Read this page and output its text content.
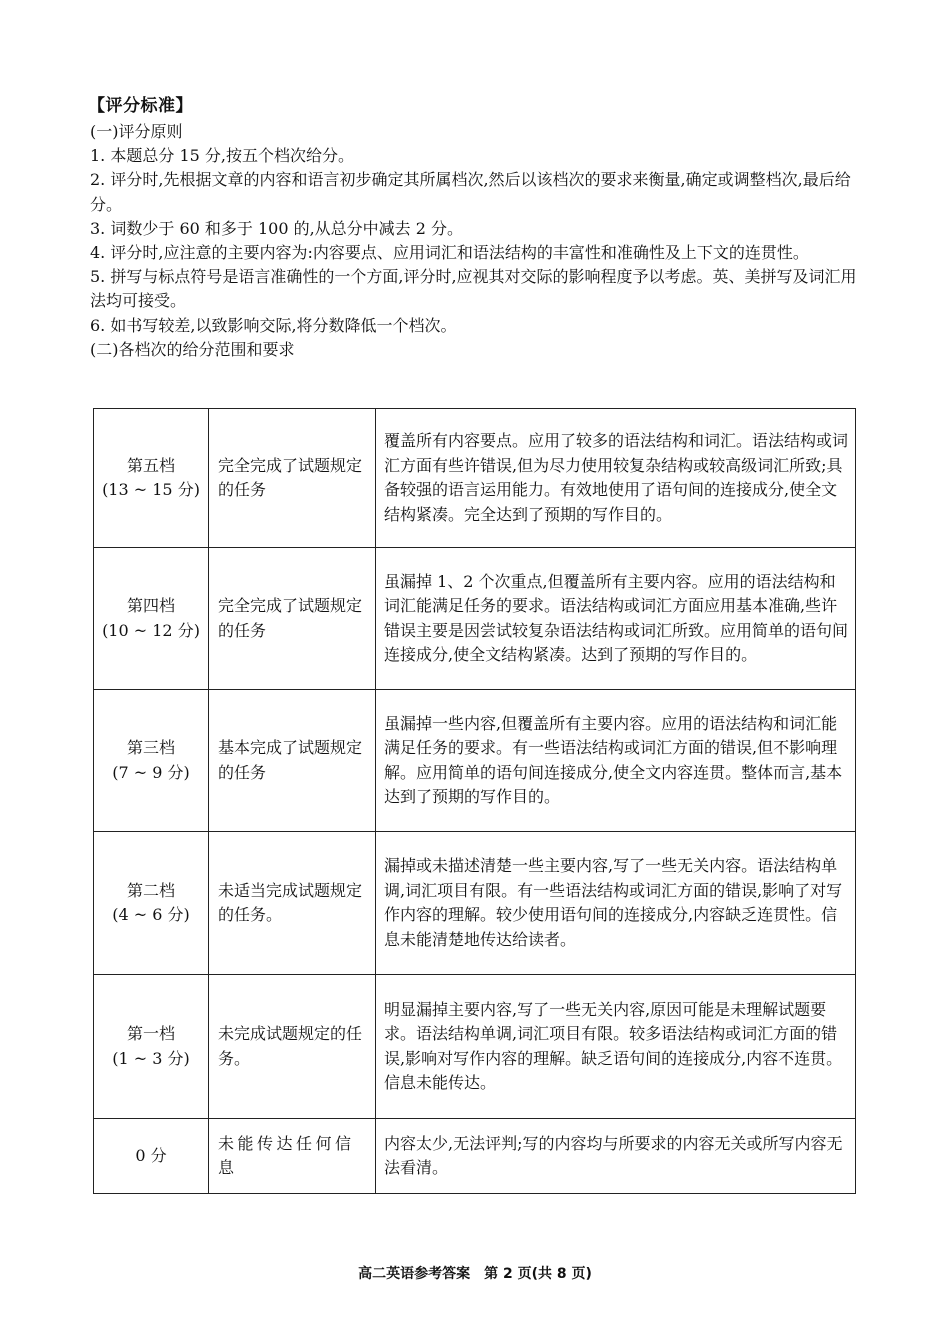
【评分标准】

(一)评分原则

1. 本题总分 15 分,按五个档次给分。

2. 评分时,先根据文章的内容和语言初步确定其所属档次,然后以该档次的要求来衡量,确定或调整档次,最后给分。

3. 词数少于 60 和多于 100 的,从总分中减去 2 分。

4. 评分时,应注意的主要内容为:内容要点、应用词汇和语法结构的丰富性和准确性及上下文的连贯性。

5. 拼写与标点符号是语言准确性的一个方面,评分时,应视其对交际的影响程度予以考虑。英、美拼写及词汇用法均可接受。

6. 如书写较差,以致影响交际,将分数降低一个档次。

(二)各档次的给分范围和要求

第五档
(13 ~ 15 分)	完全完成了试题规定的任务	覆盖所有内容要点。应用了较多的语法结构和词汇。语法结构或词汇方面有些许错误,但为尽力使用较复杂结构或较高级词汇所致;具备较强的语言运用能力。有效地使用了语句间的连接成分,使全文结构紧凑。完全达到了预期的写作目的。

第四档
(10 ~ 12 分)	完全完成了试题规定的任务	虽漏掉 1、2 个次重点,但覆盖所有主要内容。应用的语法结构和词汇能满足任务的要求。语法结构或词汇方面应用基本准确,些许错误主要是因尝试较复杂语法结构或词汇所致。应用简单的语句间连接成分,使全文结构紧凑。达到了预期的写作目的。

第三档
(7 ~ 9 分)	基本完成了试题规定的任务	虽漏掉一些内容,但覆盖所有主要内容。应用的语法结构和词汇能满足任务的要求。有一些语法结构或词汇方面的错误,但不影响理解。应用简单的语句间连接成分,使全文内容连贯。整体而言,基本达到了预期的写作目的。

第二档
(4 ~ 6 分)	未适当完成试题规定的任务。	漏掉或未描述清楚一些主要内容,写了一些无关内容。语法结构单调,词汇项目有限。有一些语法结构或词汇方面的错误,影响了对写作内容的理解。较少使用语句间的连接成分,内容缺乏连贯性。信息未能清楚地传达给读者。

第一档
(1 ~ 3 分)	未完成试题规定的任务。	明显漏掉主要内容,写了一些无关内容,原因可能是未理解试题要求。语法结构单调,词汇项目有限。较多语法结构或词汇方面的错误,影响对写作内容的理解。缺乏语句间的连接成分,内容不连贯。信息未能传达。

0 分	未能传达任何信息	内容太少,无法评判;写的内容均与所要求的内容无关或所写内容无法看清。
高二英语参考答案　第 2 页(共 8 页)
